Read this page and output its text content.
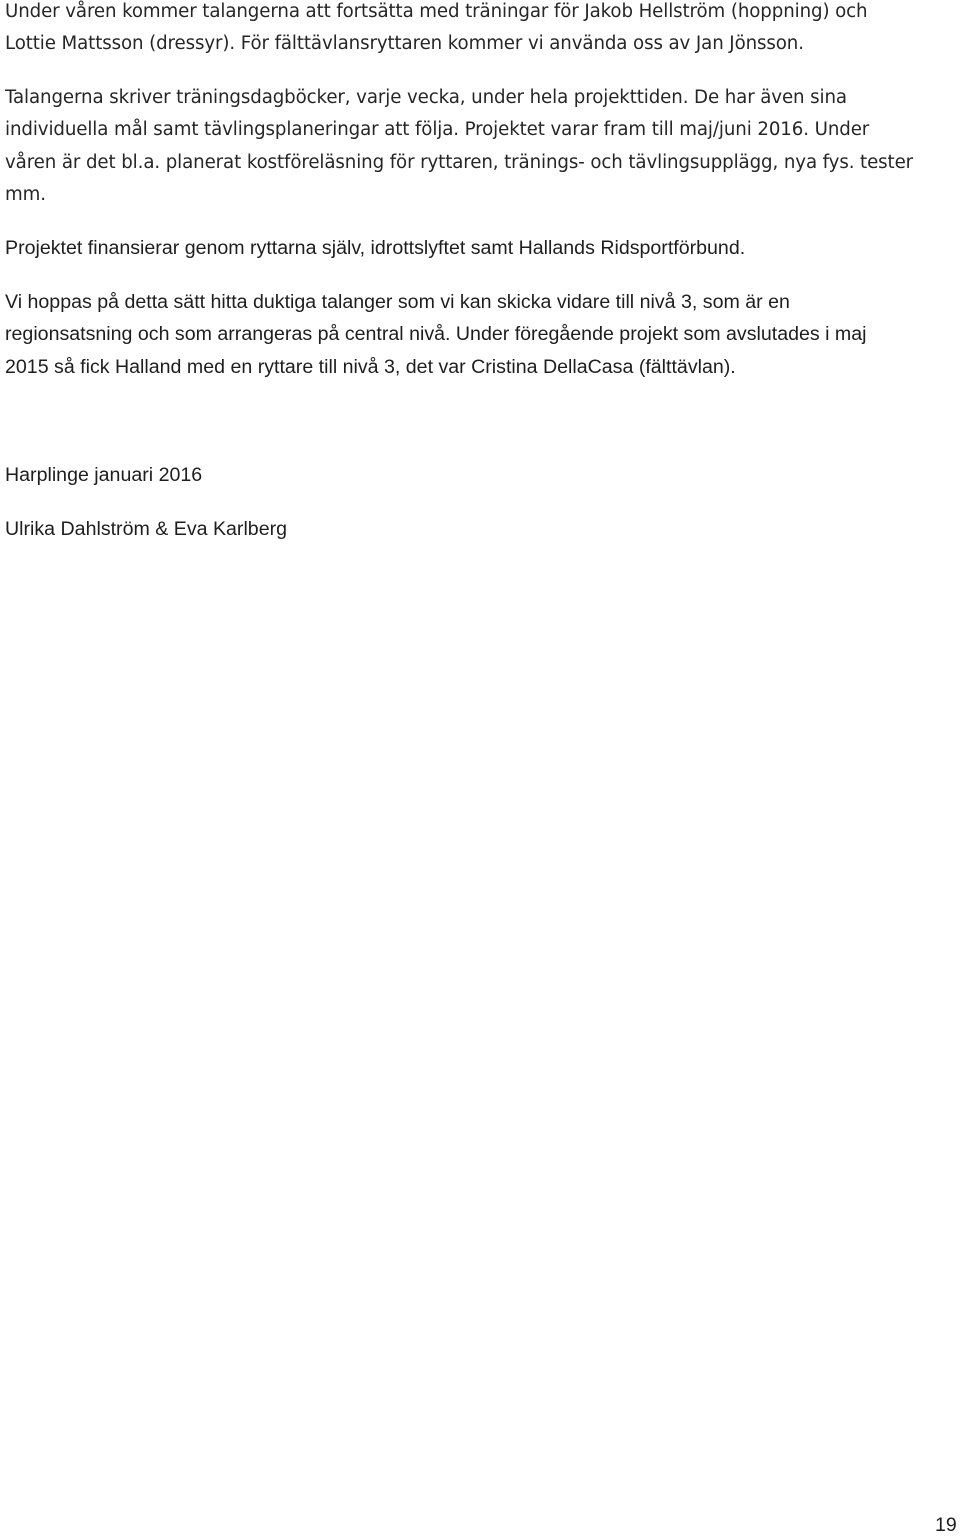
Under våren kommer talangerna att fortsätta med träningar för Jakob Hellström (hoppning) och
Lottie Mattsson (dressyr). För fälttävlansryttaren kommer vi använda oss av Jan Jönsson.
Talangerna skriver träningsdagböcker, varje vecka, under hela projekttiden. De har även sina
individuella mål samt tävlingsplaneringar att följa. Projektet varar fram till maj/juni 2016. Under
våren är det bl.a. planerat kostföreläsning för ryttaren, tränings- och tävlingsupplägg, nya fys. tester
mm.
Projektet finansierar genom ryttarna själv, idrottslyftet samt Hallands Ridsportförbund.
Vi hoppas på detta sätt hitta duktiga talanger som vi kan skicka vidare till nivå 3, som är en
regionsatsning och som arrangeras på central nivå. Under föregående projekt som avslutades i maj
2015 så fick Halland med en ryttare till nivå 3, det var Cristina DellaCasa (fälttävlan).
Harplinge januari 2016
Ulrika Dahlström & Eva Karlberg
19
